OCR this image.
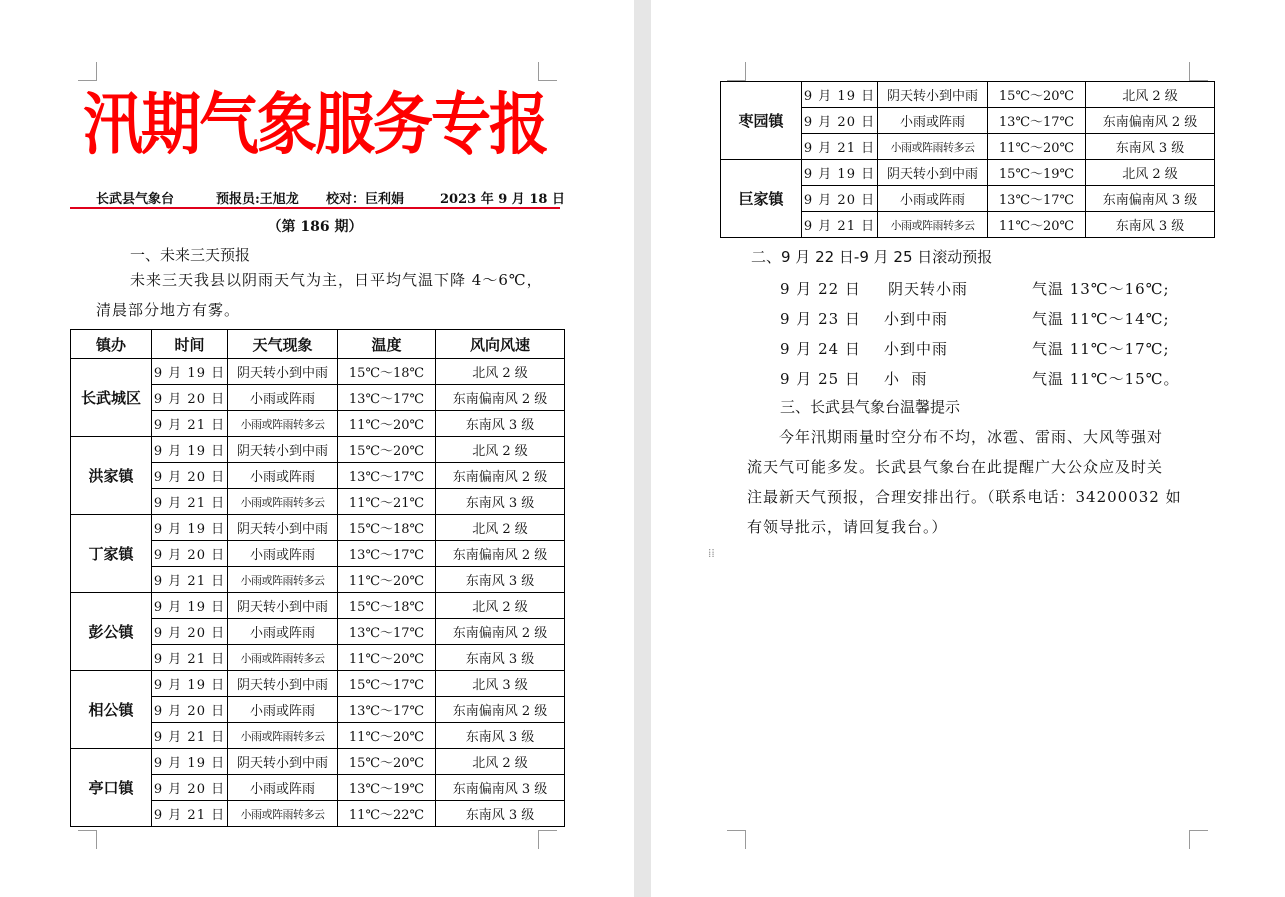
汛期气象服务专报
长武县气象台	预报员:王旭龙 校对：巨利娟	2023 年 9 月 18 日
（第 186 期）
一、未来三天预报
未来三天我县以阴雨天气为主，日平均气温下降 4～6℃，
清晨部分地方有雾。
镇办	时间	天气现象	温度	风向风速
长武城区	9 月 19 日	阴天转小到中雨	15℃～18℃	北风 2 级
	9 月 20 日	小雨或阵雨	13℃～17℃	东南偏南风 2 级
	9 月 21 日	小雨或阵雨转多云	11℃～20℃	东南风 3 级
洪家镇	9 月 19 日	阴天转小到中雨	15℃～20℃	北风 2 级
	9 月 20 日	小雨或阵雨	13℃～17℃	东南偏南风 2 级
	9 月 21 日	小雨或阵雨转多云	11℃～21℃	东南风 3 级
丁家镇	9 月 19 日	阴天转小到中雨	15℃～18℃	北风 2 级
	9 月 20 日	小雨或阵雨	13℃～17℃	东南偏南风 2 级
	9 月 21 日	小雨或阵雨转多云	11℃～20℃	东南风 3 级
彭公镇	9 月 19 日	阴天转小到中雨	15℃～18℃	北风 2 级
	9 月 20 日	小雨或阵雨	13℃～17℃	东南偏南风 2 级
	9 月 21 日	小雨或阵雨转多云	11℃～20℃	东南风 3 级
相公镇	9 月 19 日	阴天转小到中雨	15℃～17℃	北风 3 级
	9 月 20 日	小雨或阵雨	13℃～17℃	东南偏南风 2 级
	9 月 21 日	小雨或阵雨转多云	11℃～20℃	东南风 3 级
亭口镇	9 月 19 日	阴天转小到中雨	15℃～20℃	北风 2 级
	9 月 20 日	小雨或阵雨	13℃～19℃	东南偏南风 3 级
	9 月 21 日	小雨或阵雨转多云	11℃～22℃	东南风 3 级
枣园镇	9 月 19 日	阴天转小到中雨	15℃～20℃	北风 2 级
	9 月 20 日	小雨或阵雨	13℃～17℃	东南偏南风 2 级
	9 月 21 日	小雨或阵雨转多云	11℃～20℃	东南风 3 级
巨家镇	9 月 19 日	阴天转小到中雨	15℃～19℃	北风 2 级
	9 月 20 日	小雨或阵雨	13℃～17℃	东南偏南风 3 级
	9 月 21 日	小雨或阵雨转多云	11℃～20℃	东南风 3 级
二、9 月 22 日-9 月 25 日滚动预报
9 月 22 日 阴天转小雨	气温 13℃～16℃;
9 月 23 日 小到中雨	气温 11℃～14℃;
9 月 24 日 小到中雨	气温 11℃～17℃;
9 月 25 日 小  雨	气温 11℃～15℃。
三、长武县气象台温馨提示
今年汛期雨量时空分布不均，冰雹、雷雨、大风等强对
流天气可能多发。长武县气象台在此提醒广大公众应及时关
注最新天气预报，合理安排出行。（联系电话：34200032 如
有领导批示，请回复我台。）
⁞⁞
